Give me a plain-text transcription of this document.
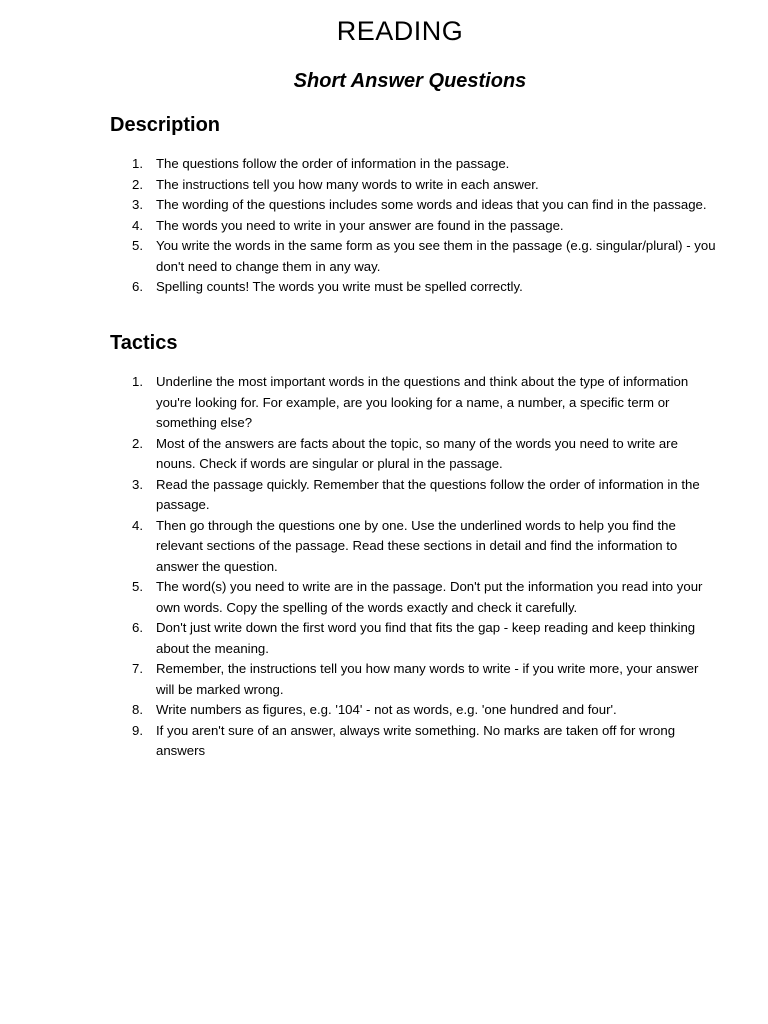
READING
Short Answer Questions
Description
1. The questions follow the order of information in the passage.
2. The instructions tell you how many words to write in each answer.
3. The wording of the questions includes some words and ideas that you can find in the passage.
4. The words you need to write in your answer are found in the passage.
5. You write the words in the same form as you see them in the passage (e.g. singular/plural) - you don't need to change them in any way.
6. Spelling counts! The words you write must be spelled correctly.
Tactics
1. Underline the most important words in the questions and think about the type of information you're looking for. For example, are you looking for a name, a number, a specific term or something else?
2. Most of the answers are facts about the topic, so many of the words you need to write are nouns. Check if words are singular or plural in the passage.
3. Read the passage quickly. Remember that the questions follow the order of information in the passage.
4. Then go through the questions one by one. Use the underlined words to help you find the relevant sections of the passage. Read these sections in detail and find the information to answer the question.
5. The word(s) you need to write are in the passage. Don't put the information you read into your own words. Copy the spelling of the words exactly and check it carefully.
6. Don't just write down the first word you find that fits the gap - keep reading and keep thinking about the meaning.
7. Remember, the instructions tell you how many words to write - if you write more, your answer will be marked wrong.
8. Write numbers as figures, e.g. '104' - not as words, e.g. 'one hundred and four'.
9. If you aren't sure of an answer, always write something. No marks are taken off for wrong answers
